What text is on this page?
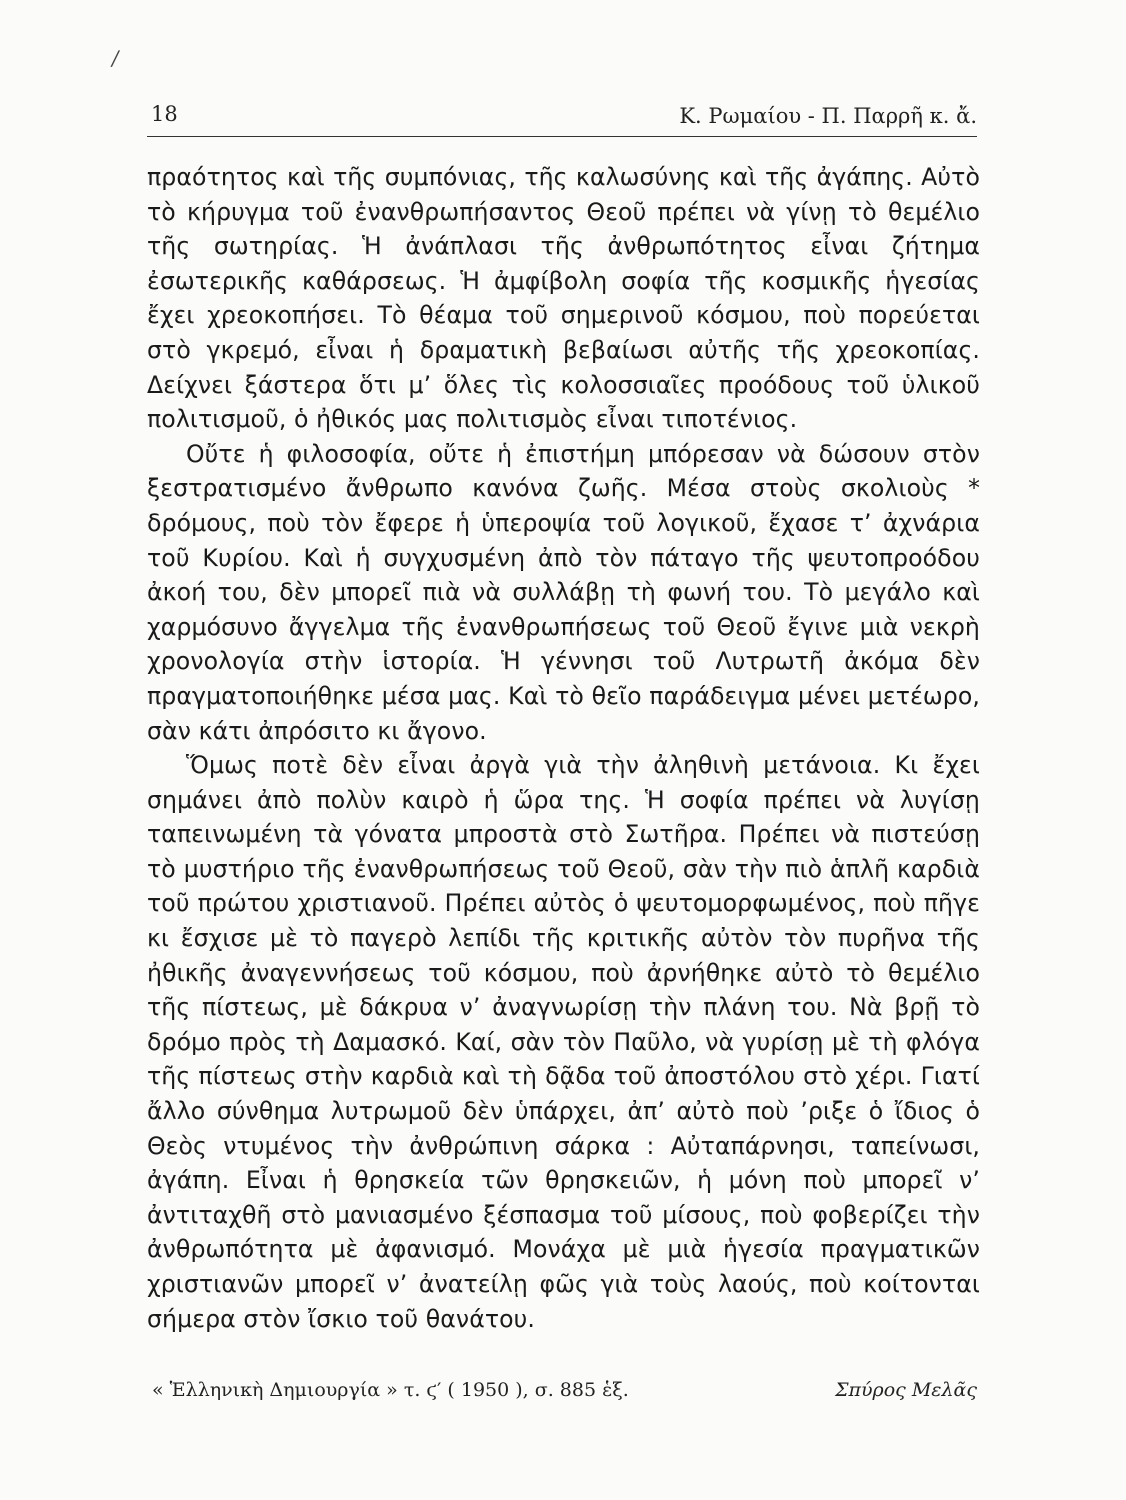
/
18	Κ. Ρωμαίου - Π. Παρρῆ κ. ἄ.

πραότητος καὶ τῆς συμπόνιας, τῆς καλωσύνης καὶ τῆς ἀγάπης. Αὐτὸ τὸ κήρυγμα τοῦ ἐνανθρωπήσαντος Θεοῦ πρέπει νὰ γίνῃ τὸ θεμέλιο τῆς σωτηρίας. Ἡ ἀνάπλασι τῆς ἀνθρωπότητος εἶναι ζήτημα ἐσωτερικῆς καθάρσεως. Ἡ ἀμφίβολη σοφία τῆς κοσμικῆς ἡγεσίας ἔχει χρεοκοπήσει. Τὸ θέαμα τοῦ σημερινοῦ κόσμου, ποὺ πορεύεται στὸ γκρεμό, εἶναι ἡ δραματικὴ βεβαίωσι αὐτῆς τῆς χρεοκοπίας. Δείχνει ξάστερα ὅτι μ’ ὅλες τὶς κολοσσιαῖες προόδους τοῦ ὑλικοῦ πολιτισμοῦ, ὁ ἠθικός μας πολιτισμὸς εἶναι τιποτένιος.

Οὔτε ἡ φιλοσοφία, οὔτε ἡ ἐπιστήμη μπόρεσαν νὰ δώσουν στὸν ξεστρατισμένο ἄνθρωπο κανόνα ζωῆς. Μέσα στοὺς σκολιοὺς * δρόμους, ποὺ τὸν ἔφερε ἡ ὑπεροψία τοῦ λογικοῦ, ἔχασε τ’ ἀχνάρια τοῦ Κυρίου. Καὶ ἡ συγχυσμένη ἀπὸ τὸν πάταγο τῆς ψευτοπροόδου ἀκοή του, δὲν μπορεῖ πιὰ νὰ συλλάβῃ τὴ φωνή του. Τὸ μεγάλο καὶ χαρμόσυνο ἄγγελμα τῆς ἐνανθρωπήσεως τοῦ Θεοῦ ἔγινε μιὰ νεκρὴ χρονολογία στὴν ἱστορία. Ἡ γέννησι τοῦ Λυτρωτῆ ἀκόμα δὲν πραγματοποιήθηκε μέσα μας. Καὶ τὸ θεῖο παράδειγμα μένει μετέωρο, σὰν κάτι ἀπρόσιτο κι ἄγονο.

Ὅμως ποτὲ δὲν εἶναι ἀργὰ γιὰ τὴν ἀληθινὴ μετάνοια. Κι ἔχει σημάνει ἀπὸ πολὺν καιρὸ ἡ ὥρα της. Ἡ σοφία πρέπει νὰ λυγίσῃ ταπεινωμένη τὰ γόνατα μπροστὰ στὸ Σωτῆρα. Πρέπει νὰ πιστεύσῃ τὸ μυστήριο τῆς ἐνανθρωπήσεως τοῦ Θεοῦ, σὰν τὴν πιὸ ἁπλῆ καρδιὰ τοῦ πρώτου χριστιανοῦ. Πρέπει αὐτὸς ὁ ψευτομορφωμένος, ποὺ πῆγε κι ἔσχισε μὲ τὸ παγερὸ λεπίδι τῆς κριτικῆς αὐτὸν τὸν πυρῆνα τῆς ἠθικῆς ἀναγεννήσεως τοῦ κόσμου, ποὺ ἀρνήθηκε αὐτὸ τὸ θεμέλιο τῆς πίστεως, μὲ δάκρυα ν’ ἀναγνωρίσῃ τὴν πλάνη του. Νὰ βρῇ τὸ δρόμο πρὸς τὴ Δαμασκό. Καί, σὰν τὸν Παῦλο, νὰ γυρίσῃ μὲ τὴ φλόγα τῆς πίστεως στὴν καρδιὰ καὶ τὴ δᾷδα τοῦ ἀποστόλου στὸ χέρι. Γιατί ἄλλο σύνθημα λυτρωμοῦ δὲν ὑπάρχει, ἀπ’ αὐτὸ ποὺ ’ριξε ὁ ἴδιος ὁ Θεὸς ντυμένος τὴν ἀνθρώπινη σάρκα : Αὐταπάρνησι, ταπείνωσι, ἀγάπη. Εἶναι ἡ θρησκεία τῶν θρησκειῶν, ἡ μόνη ποὺ μπορεῖ ν’ ἀντιταχθῆ στὸ μανιασμένο ξέσπασμα τοῦ μίσους, ποὺ φοβερίζει τὴν ἀνθρωπότητα μὲ ἀφανισμό. Μονάχα μὲ μιὰ ἡγεσία πραγματικῶν χριστιανῶν μπορεῖ ν’ ἀνατείλῃ φῶς γιὰ τοὺς λαούς, ποὺ κοίτονται σήμερα στὸν ἴσκιο τοῦ θανάτου.

« Ἑλληνικὴ Δημιουργία » τ. ϛ′ ( 1950 ), σ. 885 ἑξ.	Σπύρος Μελᾶς
